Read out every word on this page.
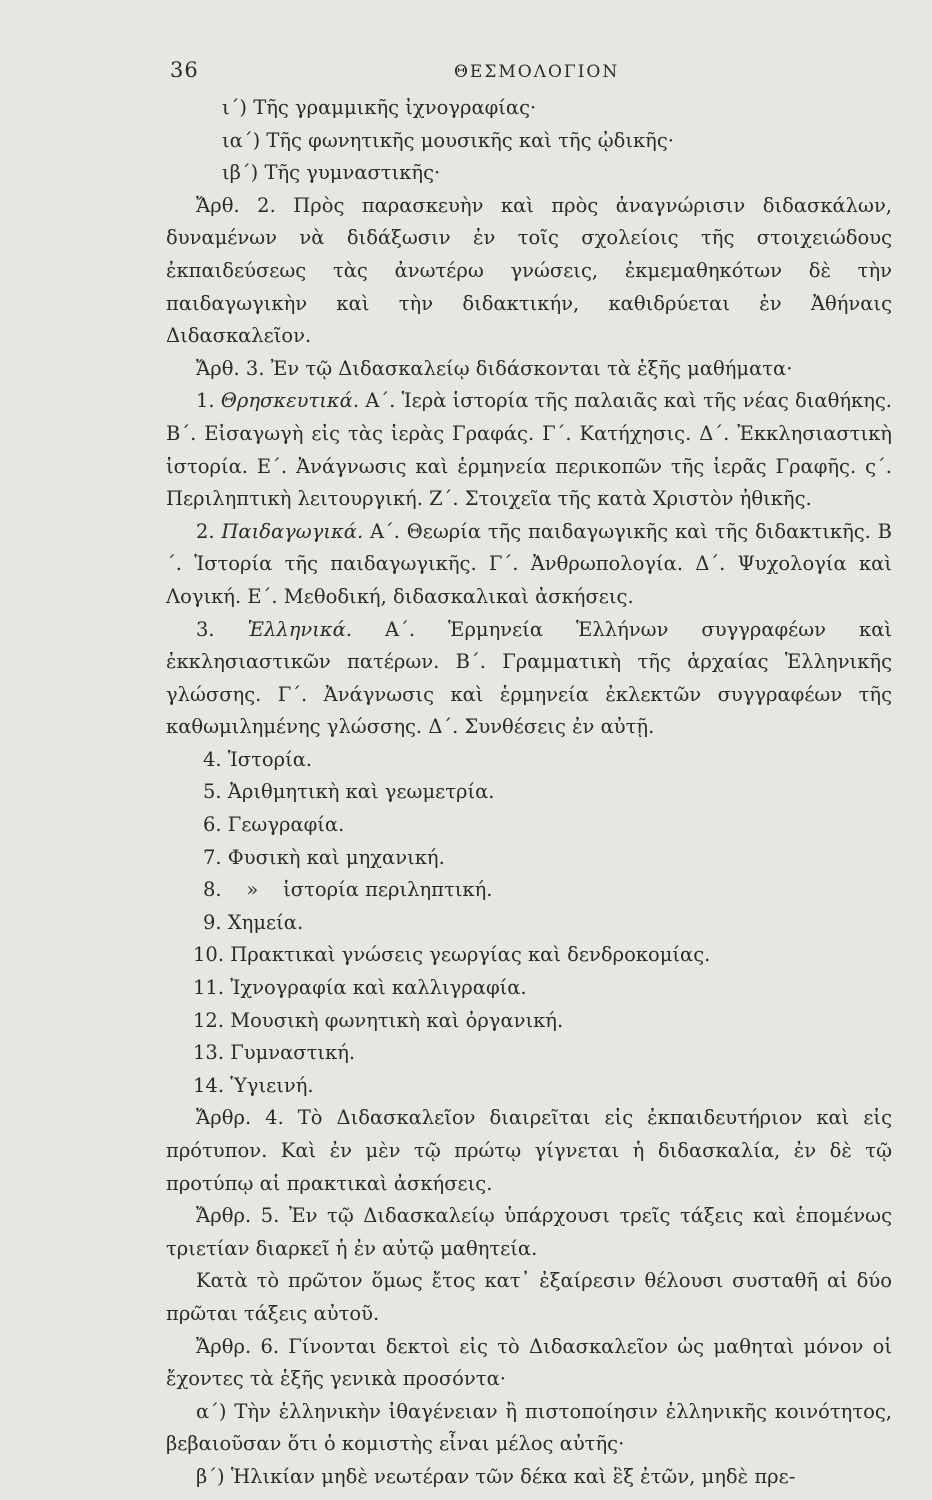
36	ΘΕΣΜΟΛΟΓΙΟΝ

ι´) Τῆς γραμμικῆς ἰχνογραφίας·

ια´) Τῆς φωνητικῆς μουσικῆς καὶ τῆς ᾠδικῆς·

ιβ´) Τῆς γυμναστικῆς·

Ἄρθ. 2. Πρὸς παρασκευὴν καὶ πρὸς ἀναγνώρισιν διδασκάλων, δυναμένων νὰ διδάξωσιν ἐν τοῖς σχολείοις τῆς στοιχειώδους ἐκπαιδεύσεως τὰς ἀνωτέρω γνώσεις, ἐκμεμαθηκότων δὲ τὴν παιδαγωγικὴν καὶ τὴν διδακτικήν, καθιδρύεται ἐν Ἀθήναις Διδασκαλεῖον.

Ἄρθ. 3. Ἐν τῷ Διδασκαλείῳ διδάσκονται τὰ ἑξῆς μαθήματα·

1. Θρησκευτικά. Α´. Ἱερὰ ἱστορία τῆς παλαιᾶς καὶ τῆς νέας διαθήκης. Β´. Εἰσαγωγὴ εἰς τὰς ἱερὰς Γραφάς. Γ´. Κατήχησις. Δ´. Ἐκκλησιαστικὴ ἱστορία. Ε´. Ἀνάγνωσις καὶ ἑρμηνεία περικοπῶν τῆς ἱερᾶς Γραφῆς. ς´. Περιληπτικὴ λειτουργική. Ζ´. Στοιχεῖα τῆς κατὰ Χριστὸν ἠθικῆς.

2. Παιδαγωγικά. Α´. Θεωρία τῆς παιδαγωγικῆς καὶ τῆς διδακτικῆς. Β´. Ἱστορία τῆς παιδαγωγικῆς. Γ´. Ἀνθρωπολογία. Δ´. Ψυχολογία καὶ Λογική. Ε´. Μεθοδική, διδασκαλικαὶ ἀσκήσεις.

3. Ἑλληνικά. Α´. Ἑρμηνεία Ἑλλήνων συγγραφέων καὶ ἐκκλησιαστικῶν πατέρων. Β´. Γραμματικὴ τῆς ἀρχαίας Ἑλληνικῆς γλώσσης. Γ´. Ἀνάγνωσις καὶ ἑρμηνεία ἐκλεκτῶν συγγραφέων τῆς καθωμιλημένης γλώσσης. Δ´. Συνθέσεις ἐν αὐτῇ.

4. Ἱστορία.

5. Ἀριθμητικὴ καὶ γεωμετρία.

6. Γεωγραφία.

7. Φυσικὴ καὶ μηχανική.

8.    »    ἱστορία περιληπτική.

9. Χημεία.

10. Πρακτικαὶ γνώσεις γεωργίας καὶ δενδροκομίας.

11. Ἰχνογραφία καὶ καλλιγραφία.

12. Μουσικὴ φωνητικὴ καὶ ὀργανική.

13. Γυμναστική.

14. Ὑγιεινή.

Ἄρθρ. 4. Τὸ Διδασκαλεῖον διαιρεῖται εἰς ἐκπαιδευτήριον καὶ εἰς πρότυπον. Καὶ ἐν μὲν τῷ πρώτῳ γίγνεται ἡ διδασκαλία, ἐν δὲ τῷ προτύπῳ αἱ πρακτικαὶ ἀσκήσεις.

Ἄρθρ. 5. Ἐν τῷ Διδασκαλείῳ ὑπάρχουσι τρεῖς τάξεις καὶ ἑπομένως τριετίαν διαρκεῖ ἡ ἐν αὐτῷ μαθητεία.

Κατὰ τὸ πρῶτον ὅμως ἔτος κατ᾽ ἐξαίρεσιν θέλουσι συσταθῆ αἱ δύο πρῶται τάξεις αὐτοῦ.

Ἄρθρ. 6. Γίνονται δεκτοὶ εἰς τὸ Διδασκαλεῖον ὡς μαθηταὶ μόνον οἱ ἔχοντες τὰ ἑξῆς γενικὰ προσόντα·

α´) Τὴν ἑλληνικὴν ἰθαγένειαν ἢ πιστοποίησιν ἑλληνικῆς κοινότητος, βεβαιοῦσαν ὅτι ὁ κομιστὴς εἶναι μέλος αὐτῆς·

β´) Ἡλικίαν μηδὲ νεωτέραν τῶν δέκα καὶ ἓξ ἐτῶν, μηδὲ πρε-
